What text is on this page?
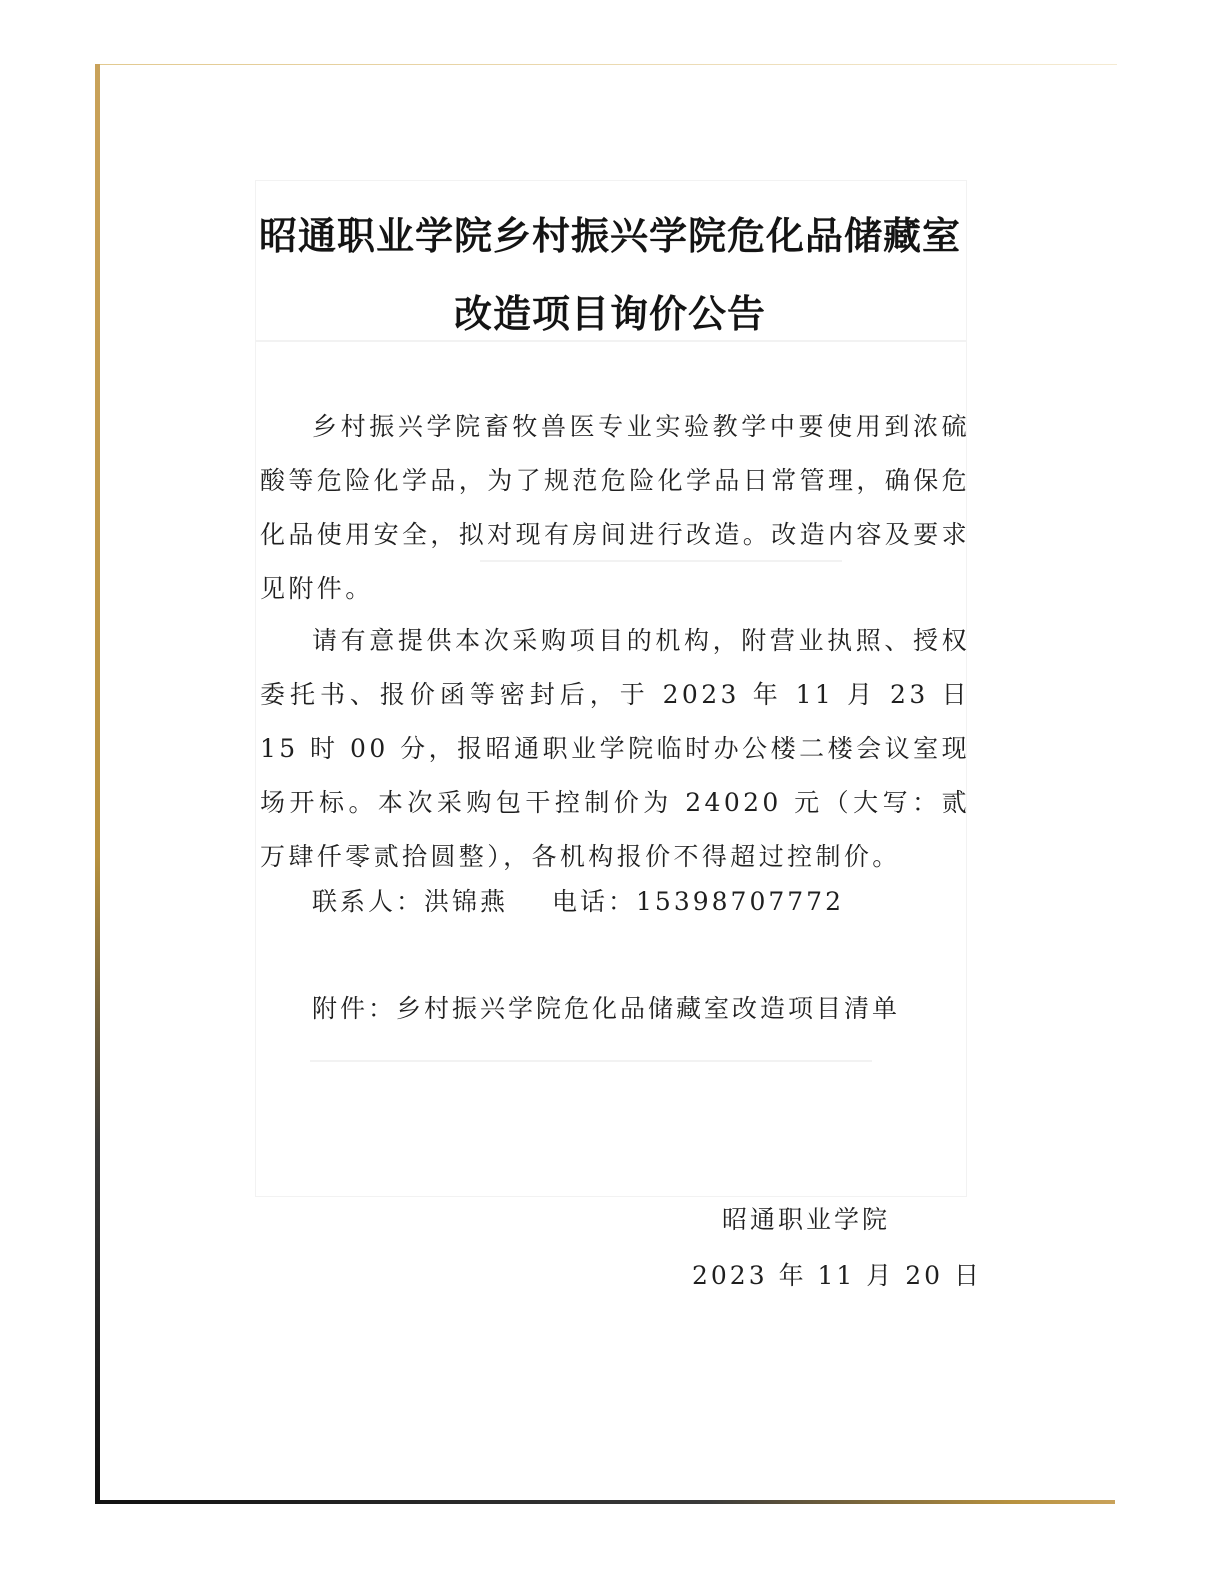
昭通职业学院乡村振兴学院危化品储藏室
改造项目询价公告

乡村振兴学院畜牧兽医专业实验教学中要使用到浓硫酸等危险化学品，为了规范危险化学品日常管理，确保危化品使用安全，拟对现有房间进行改造。改造内容及要求见附件。

请有意提供本次采购项目的机构，附营业执照、授权委托书、报价函等密封后，于 2023 年 11 月 23 日 15 时 00 分，报昭通职业学院临时办公楼二楼会议室现场开标。本次采购包干控制价为 24020 元（大写：贰万肆仟零贰拾圆整），各机构报价不得超过控制价。

联系人：洪锦燕 电话：15398707772
附件：乡村振兴学院危化品储藏室改造项目清单
昭通职业学院
2023 年 11 月 20 日
